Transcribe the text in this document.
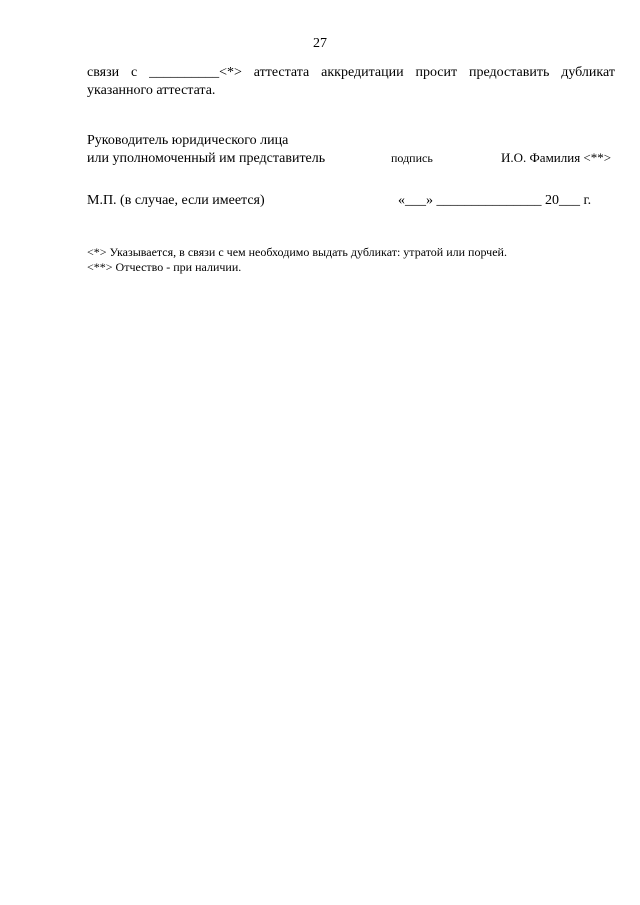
27
связи с __________<*> аттестата аккредитации просит предоставить дубликат
указанного аттестата.
Руководитель юридического лица
или уполномоченный им представитель	подпись	И.О. Фамилия <**>
М.П. (в случае, если имеется)	«___» _______________ 20___ г.
<*> Указывается, в связи с чем необходимо выдать дубликат: утратой или порчей.
<**> Отчество - при наличии.
